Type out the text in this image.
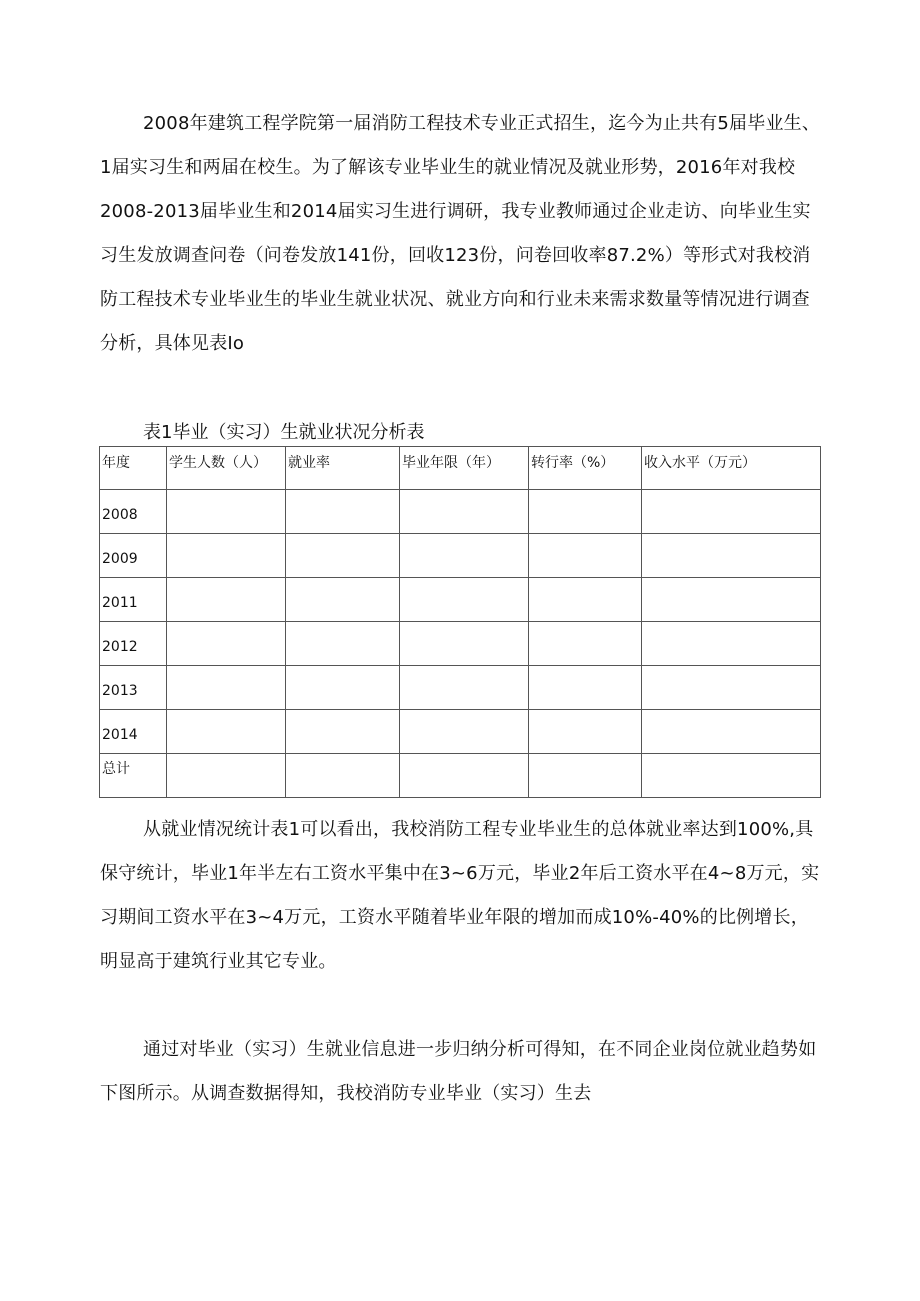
2008年建筑工程学院第一届消防工程技术专业正式招生，迄今为止共有5届毕业生、1届实习生和两届在校生。为了解该专业毕业生的就业情况及就业形势，2016年对我校2008-2013届毕业生和2014届实习生进行调研，我专业教师通过企业走访、向毕业生实习生发放调查问卷（问卷发放141份，回收123份，问卷回收率87.2%）等形式对我校消防工程技术专业毕业生的毕业生就业状况、就业方向和行业未来需求数量等情况进行调查分析，具体见表Io

表1毕业（实习）生就业状况分析表

年度	学生人数（人）	就业率	毕业年限（年）	转行率（%）	收入水平（万元）
2008					
2009					
2011					
2012					
2013					
2014					
总计					

从就业情况统计表1可以看出，我校消防工程专业毕业生的总体就业率达到100%,具保守统计，毕业1年半左右工资水平集中在3~6万元，毕业2年后工资水平在4~8万元，实习期间工资水平在3~4万元，工资水平随着毕业年限的增加而成10%-40%的比例增长，明显高于建筑行业其它专业。

通过对毕业（实习）生就业信息进一步归纳分析可得知，在不同企业岗位就业趋势如下图所示。从调查数据得知，我校消防专业毕业（实习）生去
